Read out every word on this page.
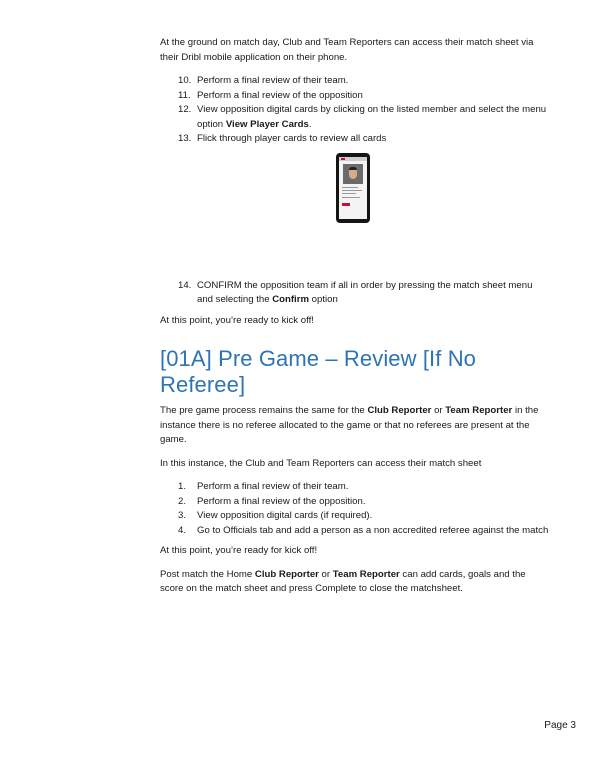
At the ground on match day, Club and Team Reporters can access their match sheet via their Dribl mobile application on their phone.

10. Perform a final review of their team.
11. Perform a final review of the opposition
12. View opposition digital cards by clicking on the listed member and select the menu option View Player Cards.
13. Flick through player cards to review all cards
14. CONFIRM the opposition team if all in order by pressing the match sheet menu and selecting the Confirm option

At this point, you’re ready to kick off!

[01A] Pre Game – Review [If No Referee]

The pre game process remains the same for the Club Reporter or Team Reporter in the instance there is no referee allocated to the game or that no referees are present at the game.

In this instance, the Club and Team Reporters can access their match sheet

1.	Perform a final review of their team.
2.	Perform a final review of the opposition.
3.	View opposition digital cards (if required).
4.	Go to Officials tab and add a person as a non accredited referee against the match

At this point, you’re ready for kick off!

Post match the Home Club Reporter or Team Reporter can add cards, goals and the score on the match sheet and press Complete to close the matchsheet.

Page 3
